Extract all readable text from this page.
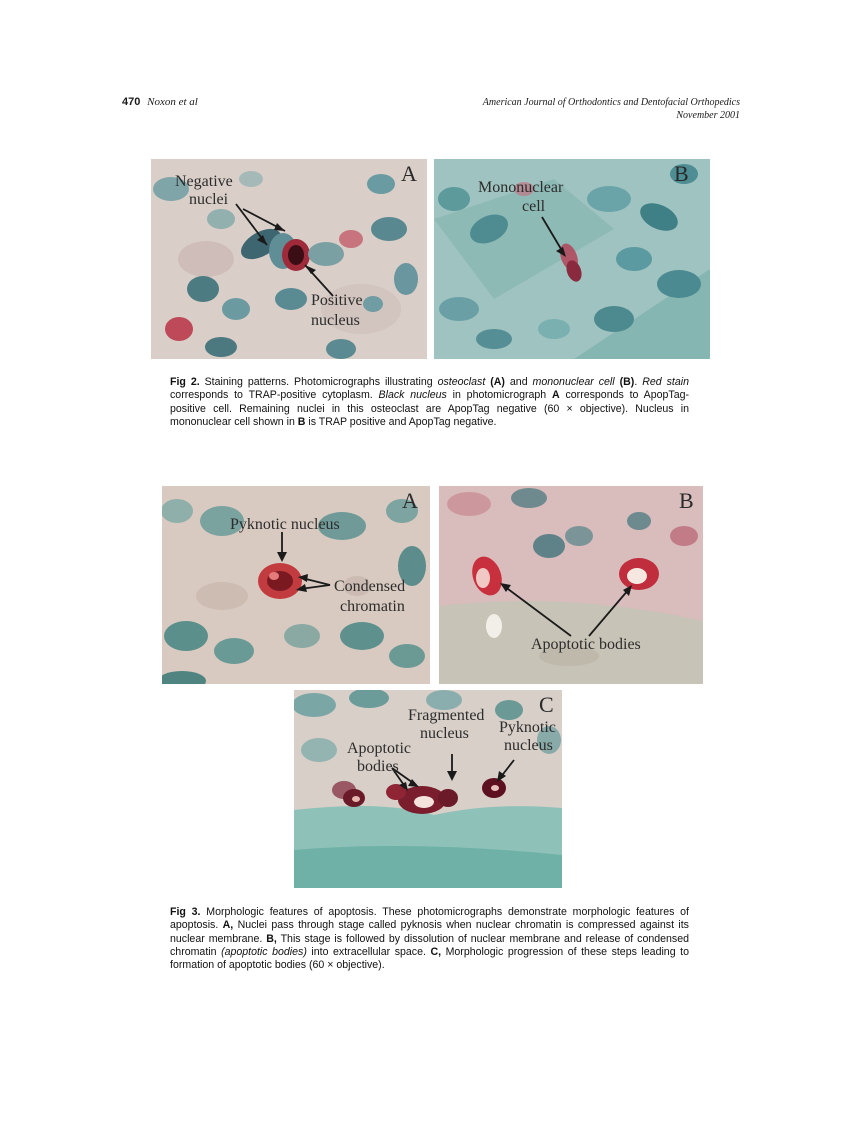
470 Noxon et al	American Journal of Orthodontics and Dentofacial Orthopedics
November 2001
A
Negative
nuclei
Positive
nucleus
B
Mononuclear
cell
Fig 2. Staining patterns. Photomicrographs illustrating osteoclast (A) and mononuclear cell (B). Red stain corresponds to TRAP-positive cytoplasm. Black nucleus in photomicrograph A corresponds to ApopTag-positive cell. Remaining nuclei in this osteoclast are ApopTag negative (60 × objective). Nucleus in mononuclear cell shown in B is TRAP positive and ApopTag negative.
A
Pyknotic nucleus
Condensed
chromatin
B
Apoptotic bodies
C
Fragmented
nucleus Pyknotic
nucleus
Apoptotic
bodies
Fig 3. Morphologic features of apoptosis. These photomicrographs demonstrate morphologic features of apoptosis. A, Nuclei pass through stage called pyknosis when nuclear chromatin is compressed against its nuclear membrane. B, This stage is followed by dissolution of nuclear membrane and release of condensed chromatin (apoptotic bodies) into extracellular space. C, Morphologic progression of these steps leading to formation of apoptotic bodies (60 × objective).
